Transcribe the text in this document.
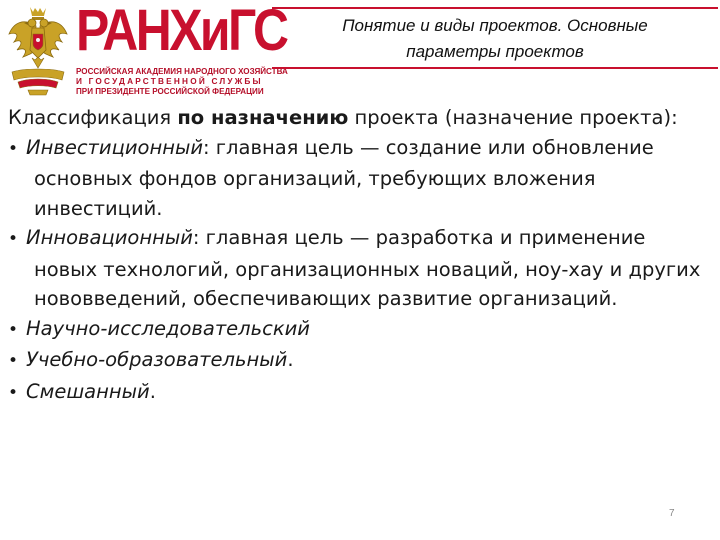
РАНХиГС
РОССИЙСКАЯ АКАДЕМИЯ НАРОДНОГО ХОЗЯЙСТВА
И ГОСУДАРСТВЕННОЙ СЛУЖБЫ
ПРИ ПРЕЗИДЕНТЕ РОССИЙСКОЙ ФЕДЕРАЦИИ
Понятие и виды проектов. Основные
параметры проектов

Классификация по назначению проекта (назначение проекта):

• Инвестиционный: главная цель — создание или обновление основных фондов организаций, требующих вложения инвестиций.

• Инновационный: главная цель — разработка и применение новых технологий, организационных новаций, ноу-хау и других нововведений, обеспечивающих развитие организаций.

• Научно-исследовательский

• Учебно-образовательный.

• Смешанный.

7
